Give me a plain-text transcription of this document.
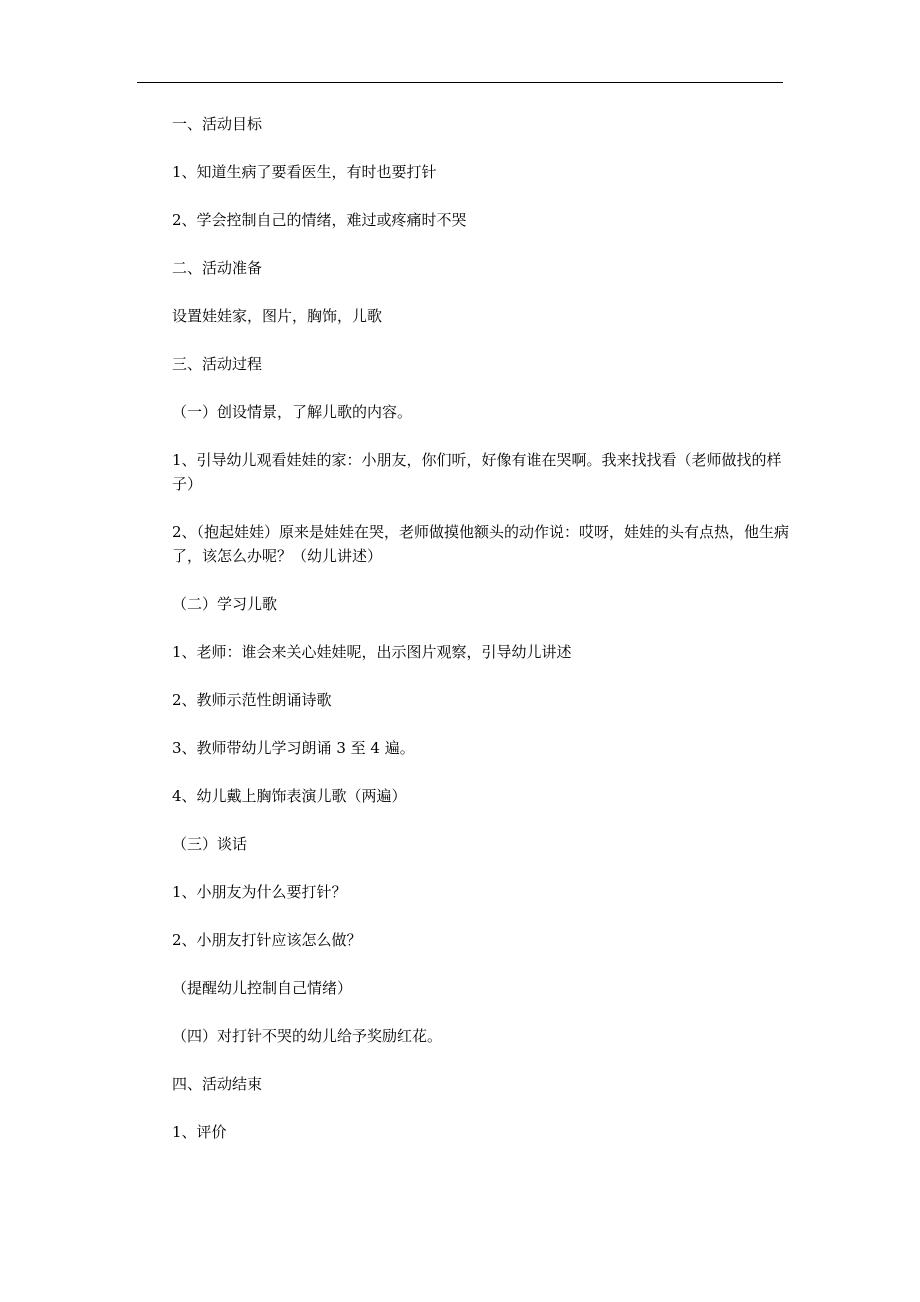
一、活动目标

1、知道生病了要看医生，有时也要打针

2、学会控制自己的情绪，难过或疼痛时不哭

二、活动准备

设置娃娃家，图片，胸饰，儿歌

三、活动过程

（一）创设情景，了解儿歌的内容。

1、引导幼儿观看娃娃的家：小朋友，你们听，好像有谁在哭啊。我来找找看（老师做找的样子）

2、（抱起娃娃）原来是娃娃在哭，老师做摸他额头的动作说：哎呀，娃娃的头有点热，他生病了，该怎么办呢？（幼儿讲述）

（二）学习儿歌

1、老师：谁会来关心娃娃呢，出示图片观察，引导幼儿讲述

2、教师示范性朗诵诗歌

3、教师带幼儿学习朗诵 3 至 4 遍。

4、幼儿戴上胸饰表演儿歌（两遍）

（三）谈话

1、小朋友为什么要打针？

2、小朋友打针应该怎么做？

（提醒幼儿控制自己情绪）

（四）对打针不哭的幼儿给予奖励红花。

四、活动结束

1、评价
